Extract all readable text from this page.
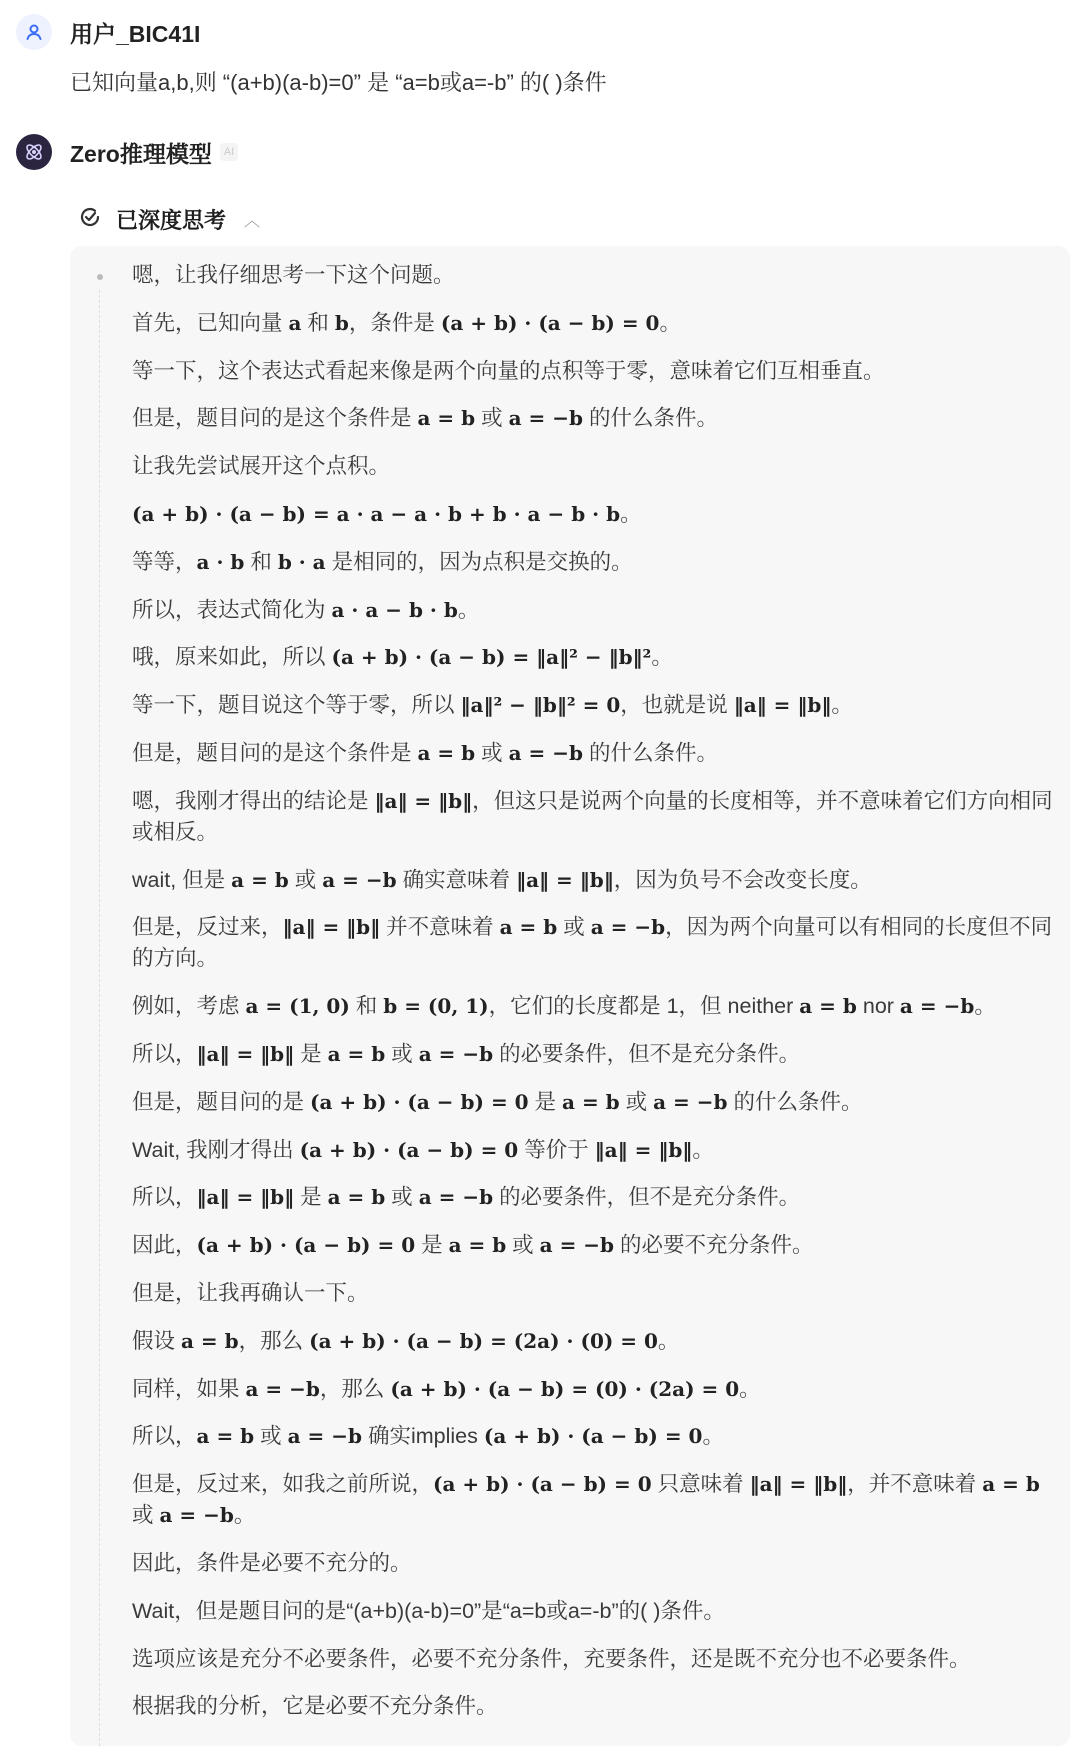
用户_BIC41I
已知向量a,b,则 “(a+b)(a-b)=0” 是 “a=b或a=-b” 的( )条件
Zero推理模型	AI
已深度思考 ︿
嗯，让我仔细思考一下这个问题。
首先，已知向量 a 和 b，条件是 (a + b) · (a − b) = 0。
等一下，这个表达式看起来像是两个向量的点积等于零，意味着它们互相垂直。
但是，题目问的是这个条件是 a = b 或 a = −b 的什么条件。
让我先尝试展开这个点积。
(a + b) · (a − b) = a · a − a · b + b · a − b · b。
等等，a · b 和 b · a 是相同的，因为点积是交换的。
所以，表达式简化为 a · a − b · b。
哦，原来如此，所以 (a + b) · (a − b) = ‖a‖² − ‖b‖²。
等一下，题目说这个等于零，所以 ‖a‖² − ‖b‖² = 0，也就是说 ‖a‖ = ‖b‖。
但是，题目问的是这个条件是 a = b 或 a = −b 的什么条件。
嗯，我刚才得出的结论是 ‖a‖ = ‖b‖，但这只是说两个向量的长度相等，并不意味着它们方向相同或相反。
wait, 但是 a = b 或 a = −b 确实意味着 ‖a‖ = ‖b‖，因为负号不会改变长度。
但是，反过来，‖a‖ = ‖b‖ 并不意味着 a = b 或 a = −b，因为两个向量可以有相同的长度但不同的方向。
例如，考虑 a = (1, 0) 和 b = (0, 1)，它们的长度都是 1，但 neither a = b nor a = −b。
所以，‖a‖ = ‖b‖ 是 a = b 或 a = −b 的必要条件，但不是充分条件。
但是，题目问的是 (a + b) · (a − b) = 0 是 a = b 或 a = −b 的什么条件。
Wait, 我刚才得出 (a + b) · (a − b) = 0 等价于 ‖a‖ = ‖b‖。
所以，‖a‖ = ‖b‖ 是 a = b 或 a = −b 的必要条件，但不是充分条件。
因此，(a + b) · (a − b) = 0 是 a = b 或 a = −b 的必要不充分条件。
但是，让我再确认一下。
假设 a = b，那么 (a + b) · (a − b) = (2a) · (0) = 0。
同样，如果 a = −b，那么 (a + b) · (a − b) = (0) · (2a) = 0。
所以，a = b 或 a = −b 确实implies (a + b) · (a − b) = 0。
但是，反过来，如我之前所说，(a + b) · (a − b) = 0 只意味着 ‖a‖ = ‖b‖，并不意味着 a = b 或 a = −b。
因此，条件是必要不充分的。
Wait，但是题目问的是“(a+b)(a-b)=0”是“a=b或a=-b”的( )条件。
选项应该是充分不必要条件，必要不充分条件，充要条件，还是既不充分也不必要条件。
根据我的分析，它是必要不充分条件。
